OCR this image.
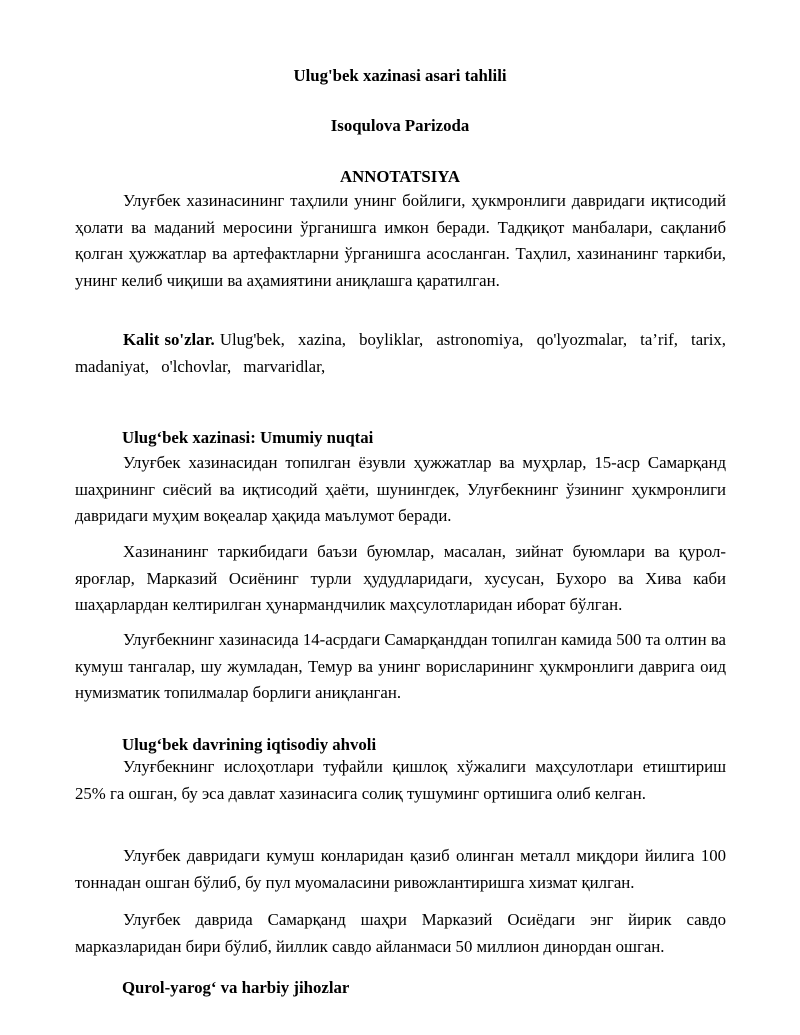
Ulug'bek xazinasi asari tahlili
Isoqulova Parizoda
ANNOTATSIYA
Улуғбек хазинасининг таҳлили унинг бойлиги, ҳукмронлиги давридаги иқтисодий ҳолати ва маданий меросини ўрганишга имкон беради. Тадқиқот манбалари, сақланиб қолган ҳужжатлар ва артефактларни ўрганишга асосланган. Таҳлил, хазинанинг таркиби, унинг келиб чиқиши ва аҳамиятини аниқлашга қаратилган.
Kalit so'zlar. Ulug'bek, xazina, boyliklar, astronomiya, qo'lyozmalar, ta’rif, tarix, madaniyat, o'lchovlar, marvaridlar,
Ulug‘bek xazinasi: Umumiy nuqtai
Улуғбек хазинасидан топилган ёзувли ҳужжатлар ва муҳрлар, 15-аср Самарқанд шаҳрининг сиёсий ва иқтисодий ҳаёти, шунингдек, Улуғбекнинг ўзининг ҳукмронлиги давридаги муҳим воқеалар ҳақида маълумот беради.
Хазинанинг таркибидаги баъзи буюмлар, масалан, зийнат буюмлари ва қурол-яроғлар, Марказий Осиёнинг турли ҳудудларидаги, хусусан, Бухоро ва Хива каби шаҳарлардан келтирилган ҳунармандчилик маҳсулотларидан иборат бўлган.
Улуғбекнинг хазинасида 14-асрдаги Самарқанддан топилган камида 500 та олтин ва кумуш тангалар, шу жумладан, Темур ва унинг ворисларининг ҳукмронлиги даврига оид нумизматик топилмалар борлиги аниқланган.
Ulug‘bek davrining iqtisodiy ahvoli
Улуғбекнинг ислоҳотлари туфайли қишлоқ хўжалиги маҳсулотлари етиштириш 25% га ошган, бу эса давлат хазинасига солиқ тушуминг ортишига олиб келган.
Улуғбек давридаги кумуш конларидан қазиб олинган металл миқдори йилига 100 тоннадан ошган бўлиб, бу пул муомаласини ривожлантиришга хизмат қилган.
Улуғбек даврида Самарқанд шаҳри Марказий Осиёдаги энг йирик савдо марказларидан бири бўлиб, йиллик савдо айланмаси 50 миллион динордан ошган.
Qurol-yarog‘ va harbiy jihozlar
